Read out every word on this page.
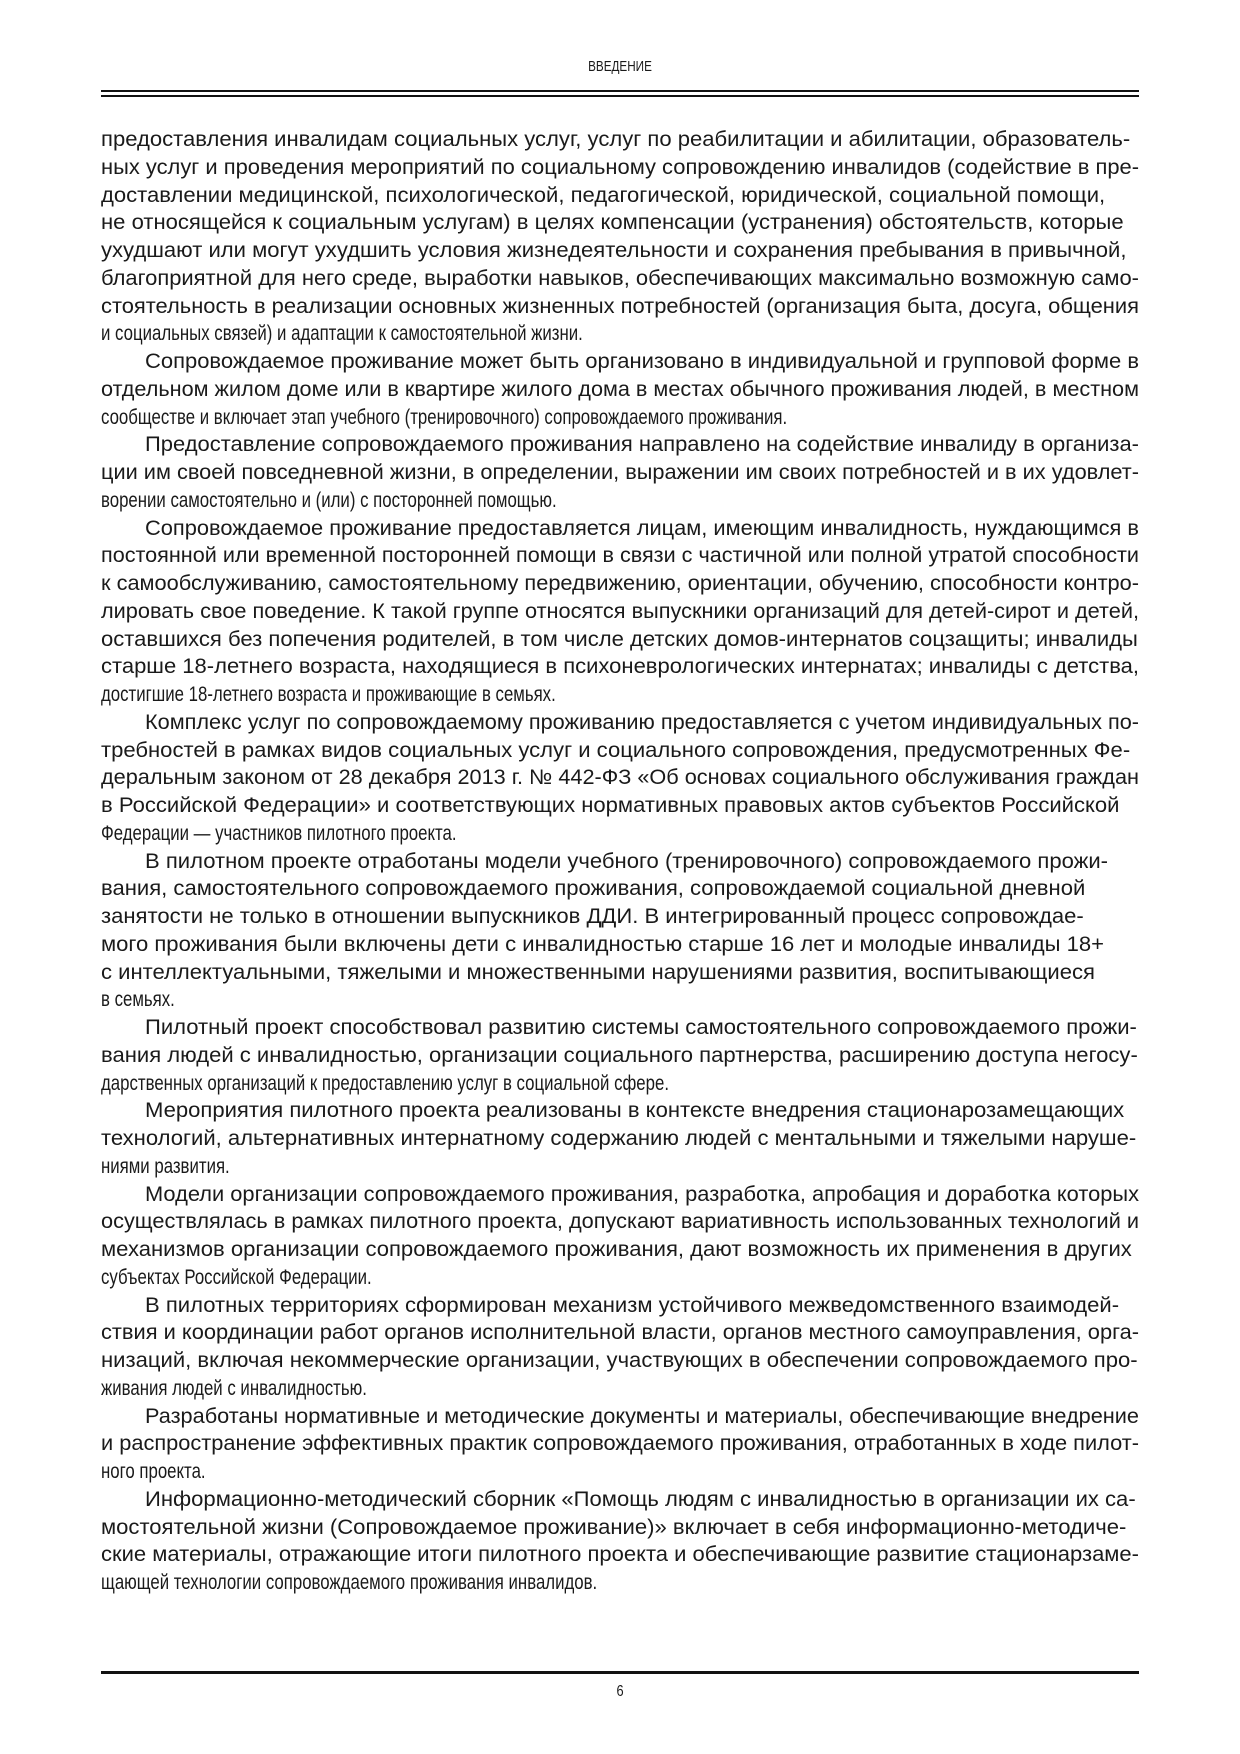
ВВЕДЕНИЕ
предоставления инвалидам социальных услуг, услуг по реабилитации и абилитации, образователь-
ных услуг и проведения мероприятий по социальному сопровождению инвалидов (содействие в пре-
доставлении медицинской, психологической, педагогической, юридической, социальной помощи,
не относящейся к социальным услугам) в целях компенсации (устранения) обстоятельств, которые
ухудшают или могут ухудшить условия жизнедеятельности и сохранения пребывания в привычной,
благоприятной для него среде, выработки навыков, обеспечивающих максимально возможную само-
стоятельность в реализации основных жизненных потребностей (организация быта, досуга, общения
и социальных связей) и адаптации к самостоятельной жизни.
Сопровождаемое проживание может быть организовано в индивидуальной и групповой форме в
отдельном жилом доме или в квартире жилого дома в местах обычного проживания людей, в местном
сообществе и включает этап учебного (тренировочного) сопровождаемого проживания.
Предоставление сопровождаемого проживания направлено на содействие инвалиду в организа-
ции им своей повседневной жизни, в определении, выражении им своих потребностей и в их удовлет-
ворении самостоятельно и (или) с посторонней помощью.
Сопровождаемое проживание предоставляется лицам, имеющим инвалидность, нуждающимся в
постоянной или временной посторонней помощи в связи с частичной или полной утратой способности
к самообслуживанию, самостоятельному передвижению, ориентации, обучению, способности контро-
лировать свое поведение. К такой группе относятся выпускники организаций для детей-сирот и детей,
оставшихся без попечения родителей, в том числе детских домов-интернатов соцзащиты; инвалиды
старше 18-летнего возраста, находящиеся в психоневрологических интернатах; инвалиды с детства,
достигшие 18-летнего возраста и проживающие в семьях.
Комплекс услуг по сопровождаемому проживанию предоставляется с учетом индивидуальных по-
требностей в рамках видов социальных услуг и социального сопровождения, предусмотренных Фе-
деральным законом от 28 декабря 2013 г. № 442-ФЗ «Об основах социального обслуживания граждан
в Российской Федерации» и соответствующих нормативных правовых актов субъектов Российской
Федерации — участников пилотного проекта.
В пилотном проекте отработаны модели учебного (тренировочного) сопровождаемого прожи-
вания, самостоятельного сопровождаемого проживания, сопровождаемой социальной дневной
занятости не только в отношении выпускников ДДИ. В интегрированный процесс сопровождае-
мого проживания были включены дети с инвалидностью старше 16 лет и молодые инвалиды 18+
с интеллектуальными, тяжелыми и множественными нарушениями развития, воспитывающиеся
в семьях.
Пилотный проект способствовал развитию системы самостоятельного сопровождаемого прожи-
вания людей с инвалидностью, организации социального партнерства, расширению доступа негосу-
дарственных организаций к предоставлению услуг в социальной сфере.
Мероприятия пилотного проекта реализованы в контексте внедрения стационарозамещающих
технологий, альтернативных интернатному содержанию людей с ментальными и тяжелыми наруше-
ниями развития.
Модели организации сопровождаемого проживания, разработка, апробация и доработка которых
осуществлялась в рамках пилотного проекта, допускают вариативность использованных технологий и
механизмов организации сопровождаемого проживания, дают возможность их применения в других
субъектах Российской Федерации.
В пилотных территориях сформирован механизм устойчивого межведомственного взаимодей-
ствия и координации работ органов исполнительной власти, органов местного самоуправления, орга-
низаций, включая некоммерческие организации, участвующих в обеспечении сопровождаемого про-
живания людей с инвалидностью.
Разработаны нормативные и методические документы и материалы, обеспечивающие внедрение
и распространение эффективных практик сопровождаемого проживания, отработанных в ходе пилот-
ного проекта.
Информационно-методический сборник «Помощь людям с инвалидностью в организации их са-
мостоятельной жизни (Сопровождаемое проживание)» включает в себя информационно-методиче-
ские материалы, отражающие итоги пилотного проекта и обеспечивающие развитие стационарзаме-
щающей технологии сопровождаемого проживания инвалидов.
6
